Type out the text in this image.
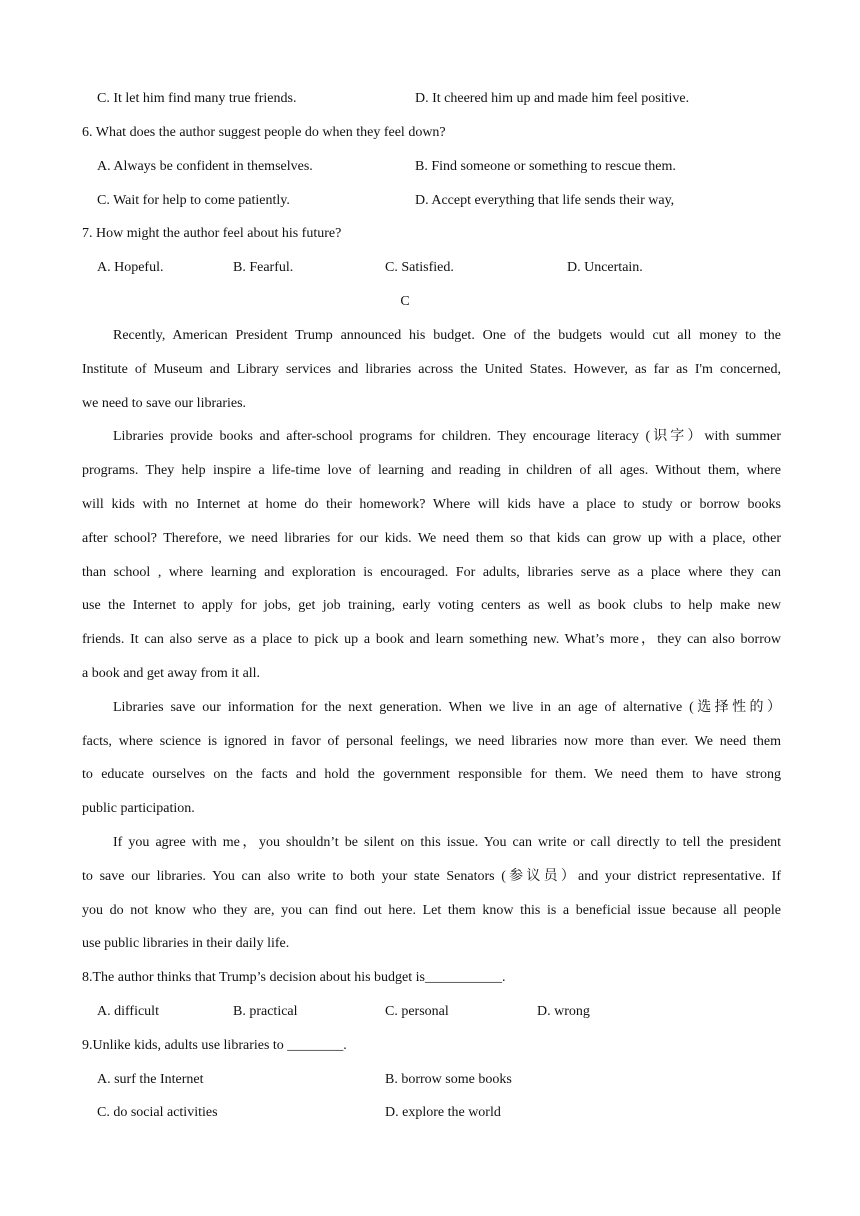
C. It let him find many true friends.	D. It cheered him up and made him feel positive.
6. What does the author suggest people do when they feel down?
A. Always be confident in themselves.	B. Find someone or something to rescue them.
C. Wait for help to come patiently.	D. Accept everything that life sends their way,
7. How might the author feel about his future?
A. Hopeful.	B. Fearful.	C. Satisfied.	D. Uncertain.
C
Recently, American President Trump announced his budget. One of the budgets would cut all money to the
Institute of Museum and Library services and libraries across the United States. However, as far as I'm concerned,
we need to save our libraries.
Libraries provide books and after-school programs for children. They encourage literacy (识字）with summer
programs. They help inspire a life-time love of learning and reading in children of all ages. Without them, where
will kids with no Internet at home do their homework? Where will kids have a place to study or borrow books
after school? Therefore, we need libraries for our kids. We need them so that kids can grow up with a place, other
than school , where learning and exploration is encouraged. For adults, libraries serve as a place where they can
use the Internet to apply for jobs, get job training, early voting centers as well as book clubs to help make new
friends. It can also serve as a place to pick up a book and learn something new. What’s more，they can also borrow
a book and get away from it all.
Libraries save our information for the next generation. When we live in an age of alternative (选择性的）
facts, where science is ignored in favor of personal feelings, we need libraries now more than ever. We need them
to educate ourselves on the facts and hold the government responsible for them. We need them to have strong
public participation.
If you agree with me，you shouldn’t be silent on this issue. You can write or call directly to tell the president
to save our libraries. You can also write to both your state Senators (参议员）and your district representative. If
you do not know who they are, you can find out here. Let them know this is a beneficial issue because all people
use public libraries in their daily life.
8.The author thinks that Trump’s decision about his budget is___________.
A. difficult	B. practical	C. personal	D. wrong
9.Unlike kids, adults use libraries to ________.
A. surf the Internet	B. borrow some books
C. do social activities	D. explore the world
